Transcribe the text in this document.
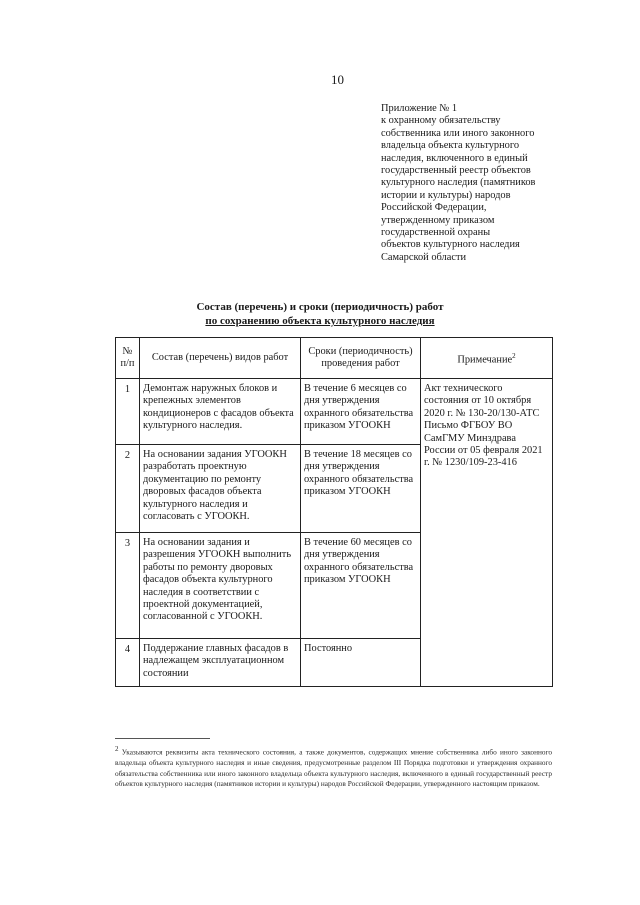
10
Приложение № 1
к охранному обязательству
собственника или иного законного
владельца объекта культурного
наследия, включенного в единый
государственный реестр объектов
культурного наследия (памятников
истории и культуры) народов
Российской Федерации,
утвержденному приказом
государственной охраны
объектов культурного наследия
Самарской области
Состав (перечень) и сроки (периодичность) работ
по сохранению объекта культурного наследия
№ п/п	Состав (перечень) видов работ	Сроки (периодичность) проведения работ	Примечание$^2$
1	Демонтаж наружных блоков и крепежных элементов кондиционеров с фасадов объекта культурного наследия.	В течение 6 месяцев со дня утверждения охранного обязательства приказом УГООКН	Акт технического состояния от 10 октября 2020 г. № 130-20/130-АТС Письмо ФГБОУ ВО СамГМУ Минздрава России от 05 февраля 2021 г. № 1230/109-23-416
2	На основании задания УГООКН разработать проектную документацию по ремонту дворовых фасадов объекта культурного наследия и согласовать с УГООКН.	В течение 18 месяцев со дня утверждения охранного обязательства приказом УГООКН	
3	На основании задания и разрешения УГООКН выполнить работы по ремонту дворовых фасадов объекта культурного наследия в соответствии с проектной документацией, согласованной с УГООКН.	В течение 60 месяцев со дня утверждения охранного обязательства приказом УГООКН	
4	Поддержание главных фасадов в надлежащем эксплуатационном состоянии	Постоянно	
$^2$ Указываются реквизиты акта технического состояния, а также документов, содержащих мнение собственника либо иного законного владельца объекта культурного наследия и иные сведения, предусмотренные разделом III Порядка подготовки и утверждения охранного обязательства собственника или иного законного владельца объекта культурного наследия, включенного в единый государственный реестр объектов культурного наследия (памятников истории и культуры) народов Российской Федерации, утвержденного настоящим приказом.
